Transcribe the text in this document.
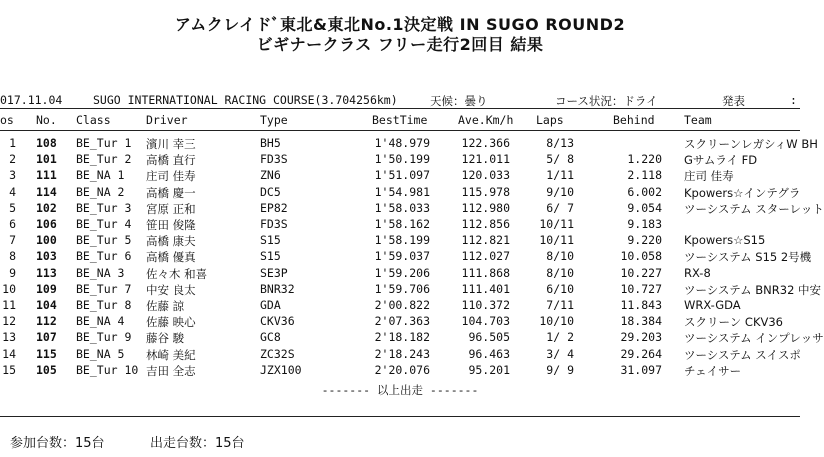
アムクレイドﾞ東北&東北No.1決定戦 IN SUGO ROUND2
ビギナークラス フリー走行2回目 結果
017.11.04	SUGO INTERNATIONAL RACING COURSE(3.704256km)	天候：曇り	コース状況：ドライ	発表	:
os No. Class	Driver	Type	BestTime	Ave.Km/h Laps	Behind	Team
1 108 BE_Tur 1 濱川 幸三	BH5	1'48.979	122.366	8/13	スクリーンレガシィW BH
2 101 BE_Tur 2 高橋 直行	FD3S	1'50.199	121.011	5/ 8	1.220 Gサムライ FD
3 111 BE_NA 1 庄司 佳寿	ZN6	1'51.097	120.033	1/11	2.118 庄司 佳寿
4 114 BE_NA 2 高橋 慶一	DC5	1'54.981	115.978	9/10	6.002 Kpowers☆インテグラ
5 102 BE_Tur 3 宮原 正和	EP82	1'58.033	112.980	6/ 7	9.054 ツーシステム スターレット
6 106 BE_Tur 4 笹田 俊隆	FD3S	1'58.162	112.856	10/11	9.183
7 100 BE_Tur 5 高橋 康夫	S15	1'58.199	112.821	10/11	9.220 Kpowers☆S15
8 103 BE_Tur 6 高橋 優真	S15	1'59.037	112.027	8/10	10.058 ツーシステム S15 2号機
9 113 BE_NA 3 佐々木 和喜	SE3P	1'59.206	111.868	8/10	10.227 RX-8
10 109 BE_Tur 7 中安 良太	BNR32	1'59.706	111.401	6/10	10.727 ツーシステム BNR32 中安
11 104 BE_Tur 8 佐藤 諒	GDA	2'00.822	110.372	7/11	11.843 WRX-GDA
12 112 BE_NA 4 佐藤 映心	CKV36	2'07.363	104.703	10/10	18.384 スクリーン CKV36
13 107 BE_Tur 9 藤谷 駿	GC8	2'18.182	96.505	1/ 2	29.203 ツーシステム インプレッサ
14 115 BE_NA 5 林崎 美紀	ZC32S	2'18.243	96.463	3/ 4	29.264 ツーシステム スイスポ
15 105 BE_Tur 10 吉田 全志	JZX100	2'20.076	95.201	9/ 9	31.097 チェイサー
------- 以上出走 -------
参加台数：15台	出走台数：15台
